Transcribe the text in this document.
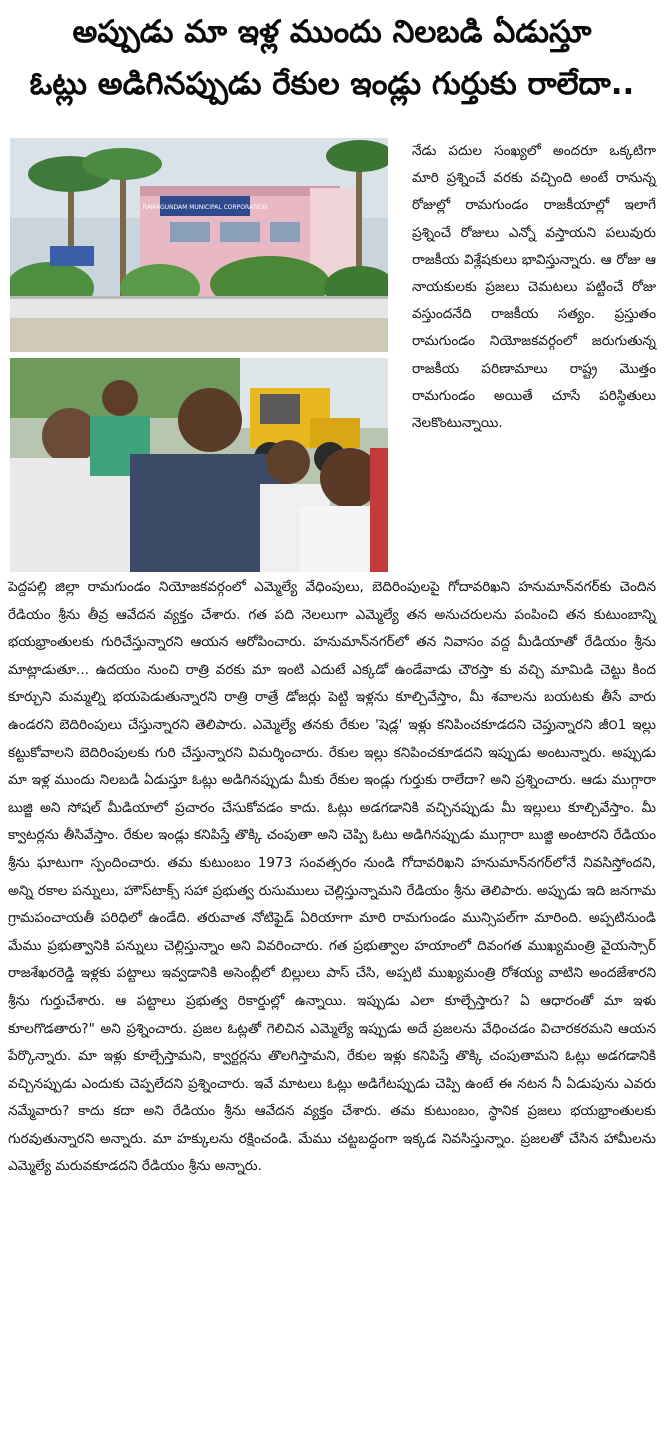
అప్పుడు మా ఇళ్ల ముందు నిలబడి ఏడుస్తూ
ఓట్లు అడిగినప్పుడు రేకుల ఇండ్లు గుర్తుకు రాలేదా..
RAMAGUNDAM MUNICIPAL CORPORATION

నేడు పదుల సంఖ్యలో అందరూ ఒక్కటిగా మారి ప్రశ్నించే వరకు వచ్చింది అంటే రానున్న రోజుల్లో రామగుండం రాజకీయాల్లో ఇలాగే ప్రశ్నించే రోజులు ఎన్నో వస్తాయని పలువురు రాజకీయ విశ్లేషకులు భావిస్తున్నారు. ఆ రోజు ఆ నాయకులకు ప్రజలు చెమటలు పట్టించే రోజు వస్తుందనేది రాజకీయ సత్యం. ప్రస్తుతం రామగుండం నియోజకవర్గంలో జరుగుతున్న రాజకీయ పరిణామాలు రాష్ట్ర మొత్తం రామగుండం అయితే చూసే పరిస్థితులు నెలకొంటున్నాయి.

పెద్దపల్లి జిల్లా రామగుండం నియోజకవర్గంలో ఎమ్మెల్యే వేధింపులు, బెదిరింపులపై గోదావరిఖని హనుమాన్‌నగర్‌కు చెందిన రేడియం శ్రీను తీవ్ర ఆవేదన వ్యక్తం చేశారు. గత పది నెలలుగా ఎమ్మెల్యే తన అనుచరులను పంపించి తన కుటుంబాన్ని భయభ్రాంతులకు గురిచేస్తున్నారని ఆయన ఆరోపించారు. హనుమాన్‌నగర్‌లో తన నివాసం వద్ద మీడియాతో రేడియం శ్రీను మాట్లాడుతూ... ఉదయం నుంచి రాత్రి వరకు మా ఇంటి ఎదుటే ఎక్కడో ఉండేవాడు చౌరస్తా కు వచ్చి మామిడి చెట్టు కింద కూర్చుని మమ్మల్ని భయపెడుతున్నారని రాత్రి రాత్రే డోజర్లు పెట్టి ఇళ్లను కూల్చివేస్తాం, మీ శవాలను బయటకు తీసే వారు ఉండరని బెదిరింపులు చేస్తున్నారని తెలిపారు. ఎమ్మెల్యే తనకు రేకుల 'షెడ్ల' ఇళ్లు కనిపించకూడదని చెప్తున్నారని జీ౦1 ఇల్లు కట్టుకోవాలని బెదిరింపులకు గురి చేస్తున్నారని విమర్శించారు. రేకుల ఇల్లు కనిపించకూడదని ఇప్పుడు అంటున్నారు. అప్పుడు మా ఇళ్ల ముందు నిలబడి ఏడుస్తూ ఓట్లు అడిగినప్పుడు మీకు రేకుల ఇండ్లు గుర్తుకు రాలేదా? అని ప్రశ్నించారు. ఆడు ముగ్గారా బుజ్జి అని సోషల్ మీడియాలో ప్రచారం చేసుకోవడం కాదు. ఓట్లు అడగడానికి వచ్చినప్పుడు మీ ఇల్లులు కూల్చివేస్తాం. మీ క్వాటర్లను తీసివేస్తాం. రేకుల ఇండ్లు కనిపిస్తే తొక్కి చంపుతా అని చెప్పి ఓటు అడిగినప్పుడు ముగ్గారా బుజ్జి అంటారని రేడియం శ్రీను ఘాటుగా స్పందించారు. తమ కుటుంబం 1973 సంవత్సరం నుండి గోదావరిఖని హనుమాన్‌నగర్‌లోనే నివసిస్తోందని, అన్ని రకాల పన్నులు, హౌస్‌టాక్స్ సహా ప్రభుత్వ రుసుములు చెల్లిస్తున్నామని రేడియం శ్రీను తెలిపారు. అప్పుడు ఇది జనగామ గ్రామపంచాయతీ పరిధిలో ఉండేది. తరువాత నోటిఫైడ్ ఏరియాగా మారి రామగుండం మున్సిపల్‌గా మారింది. అప్పటినుండి మేము ప్రభుత్వానికి పన్నులు చెల్లిస్తున్నాం అని వివరించారు. గత ప్రభుత్వాల హయాంలో దివంగత ముఖ్యమంత్రి వైయస్సార్ రాజశేఖరరెడ్డి ఇళ్లకు పట్టాలు ఇవ్వడానికి అసెంబ్లీలో బిల్లులు పాస్ చేసి, అప్పటి ముఖ్యమంత్రి రోశయ్య వాటిని అందజేశారని శ్రీను గుర్తుచేశారు. ఆ పట్టాలు ప్రభుత్వ రికార్డుల్లో ఉన్నాయి. ఇప్పుడు ఎలా కూల్చేస్తారు? ఏ ఆధారంతో మా ఇళు కూలగొడతారు?" అని ప్రశ్నించారు. ప్రజల ఓట్లతో గెలిచిన ఎమ్మెల్యే ఇప్పుడు అదే ప్రజలను వేధించడం విచారకరమని ఆయన పేర్కొన్నారు. మా ఇళ్లు కూల్చేస్తామని, క్వార్టర్లను తొలగిస్తామని, రేకుల ఇళ్లు కనిపిస్తే తొక్కి చంపుతామని ఓట్లు అడగడానికి వచ్చినప్పుడు ఎందుకు చెప్పలేదని ప్రశ్నించారు. ఇవే మాటలు ఓట్లు అడిగేటప్పుడు చెప్పి ఉంటే ఈ నటన నీ ఏడుపును ఎవరు నమ్మేవారు? కాదు కదా అని రేడియం శ్రీను ఆవేదన వ్యక్తం చేశారు. తమ కుటుంబం, స్థానిక ప్రజలు భయభ్రాంతులకు గురవుతున్నారని అన్నారు. మా హక్కులను రక్షించండి. మేము చట్టబద్ధంగా ఇక్కడ నివసిస్తున్నాం. ప్రజలతో చేసిన హామీలను ఎమ్మెల్యే మరువకూడదని రేడియం శ్రీను అన్నారు.
